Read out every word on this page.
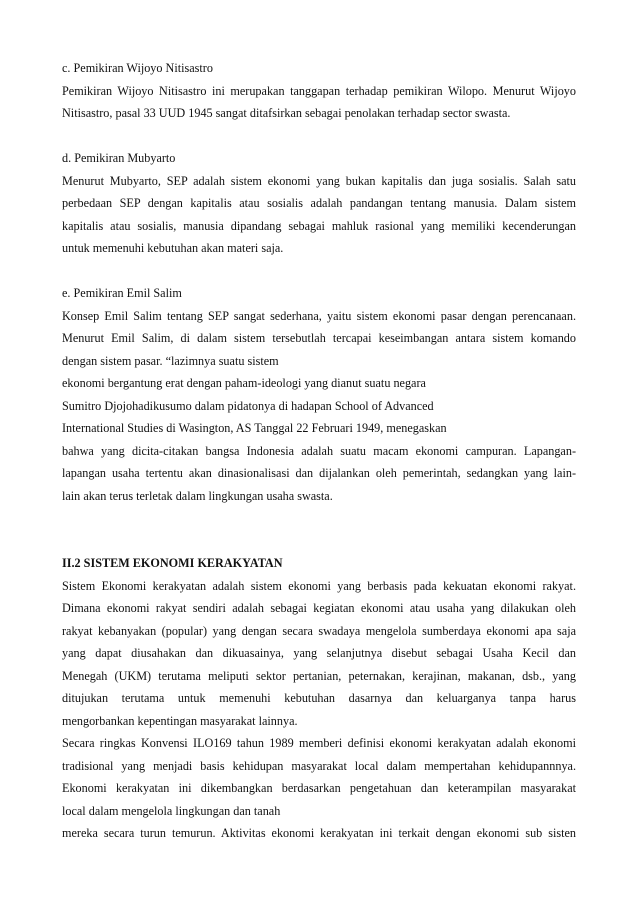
c. Pemikiran Wijoyo Nitisastro
Pemikiran Wijoyo Nitisastro ini merupakan tanggapan terhadap pemikiran Wilopo. Menurut Wijoyo
Nitisastro, pasal 33 UUD 1945 sangat ditafsirkan sebagai penolakan terhadap sector swasta.
d. Pemikiran Mubyarto
Menurut Mubyarto, SEP adalah sistem ekonomi yang bukan kapitalis dan juga sosialis. Salah satu
perbedaan SEP dengan kapitalis atau sosialis adalah pandangan tentang manusia. Dalam sistem
kapitalis atau sosialis, manusia dipandang sebagai mahluk rasional yang memiliki kecenderungan
untuk memenuhi kebutuhan akan materi saja.
e. Pemikiran Emil Salim
Konsep Emil Salim tentang SEP sangat sederhana, yaitu sistem ekonomi pasar dengan perencanaan.
Menurut Emil Salim, di dalam sistem tersebutlah tercapai keseimbangan antara sistem komando
dengan sistem pasar. “lazimnya suatu sistem
ekonomi bergantung erat dengan paham-ideologi yang dianut suatu negara
Sumitro Djojohadikusumo dalam pidatonya di hadapan School of Advanced
International Studies di Wasington, AS Tanggal 22 Februari 1949, menegaskan
bahwa yang dicita-citakan bangsa Indonesia adalah suatu macam ekonomi campuran. Lapangan-
lapangan usaha tertentu akan dinasionalisasi dan dijalankan oleh pemerintah, sedangkan yang lain-
lain akan terus terletak dalam lingkungan usaha swasta.
II.2 SISTEM EKONOMI KERAKYATAN
Sistem Ekonomi kerakyatan adalah sistem ekonomi yang berbasis pada kekuatan ekonomi rakyat.
Dimana ekonomi rakyat sendiri adalah sebagai kegiatan ekonomi atau usaha yang dilakukan oleh
rakyat kebanyakan (popular) yang dengan secara swadaya mengelola sumberdaya ekonomi apa saja
yang dapat diusahakan dan dikuasainya, yang selanjutnya disebut sebagai Usaha Kecil dan
Menegah (UKM) terutama meliputi sektor pertanian, peternakan, kerajinan, makanan, dsb., yang
ditujukan terutama untuk memenuhi kebutuhan dasarnya dan keluarganya tanpa harus
mengorbankan kepentingan masyarakat lainnya.
Secara ringkas Konvensi ILO169 tahun 1989 memberi definisi ekonomi kerakyatan adalah ekonomi
tradisional yang menjadi basis kehidupan masyarakat local dalam mempertahan kehidupannnya.
Ekonomi kerakyatan ini dikembangkan berdasarkan pengetahuan dan keterampilan masyarakat
local dalam mengelola lingkungan dan tanah
mereka secara turun temurun. Aktivitas ekonomi kerakyatan ini terkait dengan ekonomi sub sisten
